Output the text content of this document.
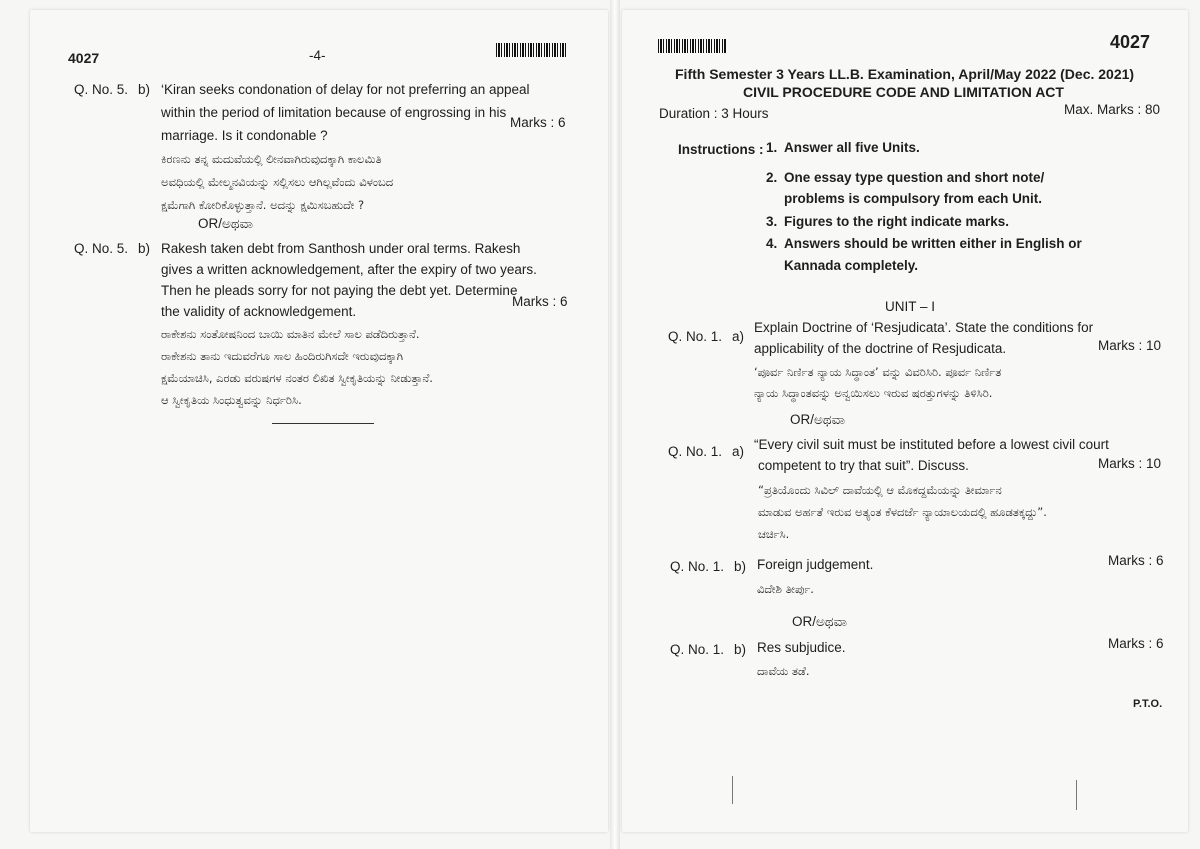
4027	-4-
Q. No. 5. b) ‘Kiran seeks condonation of delay for not preferring an appeal
within the period of limitation because of engrossing in his
marriage. Is it condonable ?
Marks : 6
ಕಿರಣನು ತನ್ನ ಮದುವೆಯಲ್ಲಿ ಲೀನವಾಗಿರುವುದಕ್ಕಾಗಿ ಕಾಲಮಿತಿ
ಅವಧಿಯಲ್ಲಿ ಮೇಲ್ಮನವಿಯನ್ನು ಸಲ್ಲಿಸಲು ಆಗಿಲ್ಲವೆಂದು ವಿಳಂಬದ
ಕ್ಷಮೆಗಾಗಿ ಕೋರಿಕೊಳ್ಳುತ್ತಾನೆ. ಅದನ್ನು ಕ್ಷಮಿಸಬಹುದೇ ?
OR/ಅಥವಾ
Q. No. 5. b) Rakesh taken debt from Santhosh under oral terms. Rakesh
gives a written acknowledgement, after the expiry of two years.
Then he pleads sorry for not paying the debt yet. Determine
the validity of acknowledgement.
Marks : 6
ರಾಕೇಶನು ಸಂತೋಷನಿಂದ ಬಾಯಿ ಮಾತಿನ ಮೇಲೆ ಸಾಲ ಪಡೆದಿರುತ್ತಾನೆ.
ರಾಕೇಶನು ತಾನು ಇದುವರೆಗೂ ಸಾಲ ಹಿಂದಿರುಗಿಸದೇ ಇರುವುದಕ್ಕಾಗಿ
ಕ್ಷಮೆಯಾಚಿಸಿ, ಎರಡು ವರುಷಗಳ ನಂತರ ಲಿಖಿತ ಸ್ವೀಕೃತಿಯನ್ನು ನೀಡುತ್ತಾನೆ.
ಆ ಸ್ವೀಕೃತಿಯ ಸಿಂಧುತ್ವವನ್ನು ನಿರ್ಧರಿಸಿ.
4027
Fifth Semester 3 Years LL.B. Examination, April/May 2022 (Dec. 2021)
CIVIL PROCEDURE CODE AND LIMITATION ACT
Duration : 3 Hours	Max. Marks : 80
Instructions : 1. Answer all five Units.
2. One essay type question and short note/
problems is compulsory from each Unit.
3. Figures to the right indicate marks.
4. Answers should be written either in English or
Kannada completely.
UNIT – I
Q. No. 1. a)
Explain Doctrine of ‘Resjudicata’. State the conditions for
applicability of the doctrine of Resjudicata.	Marks : 10
‘ಪೂರ್ವ ನಿರ್ಣಿತ ನ್ಯಾಯ ಸಿದ್ಧಾಂತ’ ವನ್ನು ವಿವರಿಸಿರಿ. ಪೂರ್ವ ನಿರ್ಣಿತ
ನ್ಯಾಯ ಸಿದ್ಧಾಂತವನ್ನು ಅನ್ವಯಿಸಲು ಇರುವ ಷರತ್ತುಗಳನ್ನು ತಿಳಿಸಿರಿ.
OR/ಅಥವಾ
Q. No. 1. a) “Every civil suit must be instituted before a lowest civil court
competent to try that suit”. Discuss.	Marks : 10
“ಪ್ರತಿಯೊಂದು ಸಿವಿಲ್ ದಾವೆಯಲ್ಲಿ ಆ ಮೊಕದ್ದಮೆಯನ್ನು ತೀರ್ಮಾನ
ಮಾಡುವ ಅರ್ಹತೆ ಇರುವ ಅತ್ಯಂತ ಕೆಳದರ್ಜೆ ನ್ಯಾಯಾಲಯದಲ್ಲಿ ಹೂಡತಕ್ಕದ್ದು”.
ಚರ್ಚಿಸಿ.
Q. No. 1. b) Foreign judgement.	Marks : 6
ವಿದೇಶಿ ತೀರ್ಪು.
OR/ಅಥವಾ
Q. No. 1. b) Res subjudice.	Marks : 6
ದಾವೆಯ ತಡೆ.
P.T.O.
